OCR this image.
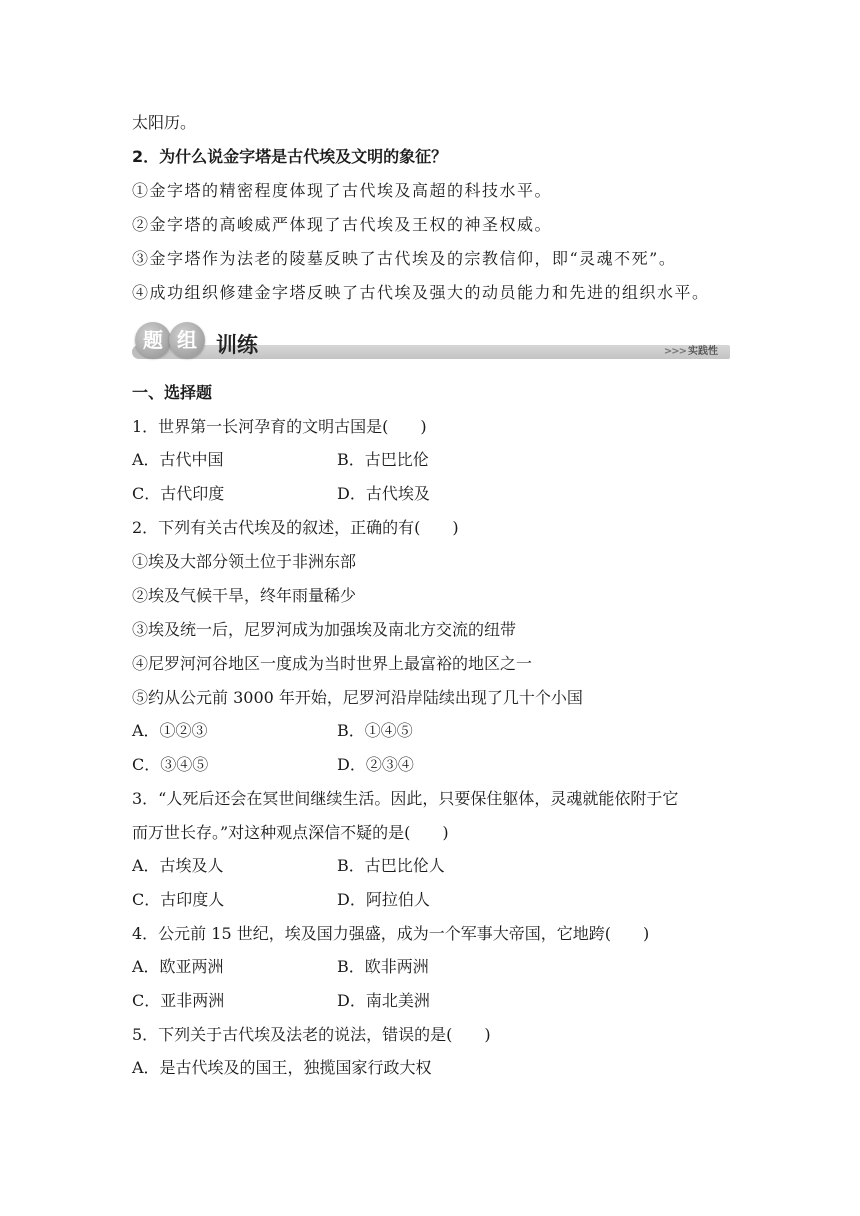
太阳历。
2．为什么说金字塔是古代埃及文明的象征？
①金字塔的精密程度体现了古代埃及高超的科技水平。
②金字塔的高峻威严体现了古代埃及王权的神圣权威。
③金字塔作为法老的陵墓反映了古代埃及的宗教信仰，即“灵魂不死”。
④成功组织修建金字塔反映了古代埃及强大的动员能力和先进的组织水平。
题 组 训练	>>> 实践性
一、选择题
1．世界第一长河孕育的文明古国是(　　)
A．古代中国	B．古巴比伦
C．古代印度	D．古代埃及
2．下列有关古代埃及的叙述，正确的有(　　)
①埃及大部分领土位于非洲东部
②埃及气候干旱，终年雨量稀少
③埃及统一后，尼罗河成为加强埃及南北方交流的纽带
④尼罗河河谷地区一度成为当时世界上最富裕的地区之一
⑤约从公元前 3000 年开始，尼罗河沿岸陆续出现了几十个小国
A．①②③	B．①④⑤
C．③④⑤	D．②③④
3．“人死后还会在冥世间继续生活。因此，只要保住躯体，灵魂就能依附于它
而万世长存。”对这种观点深信不疑的是(　　)
A．古埃及人	B．古巴比伦人
C．古印度人	D．阿拉伯人
4．公元前 15 世纪，埃及国力强盛，成为一个军事大帝国，它地跨(　　)
A．欧亚两洲	B．欧非两洲
C．亚非两洲	D．南北美洲
5．下列关于古代埃及法老的说法，错误的是(　　)
A．是古代埃及的国王，独揽国家行政大权
